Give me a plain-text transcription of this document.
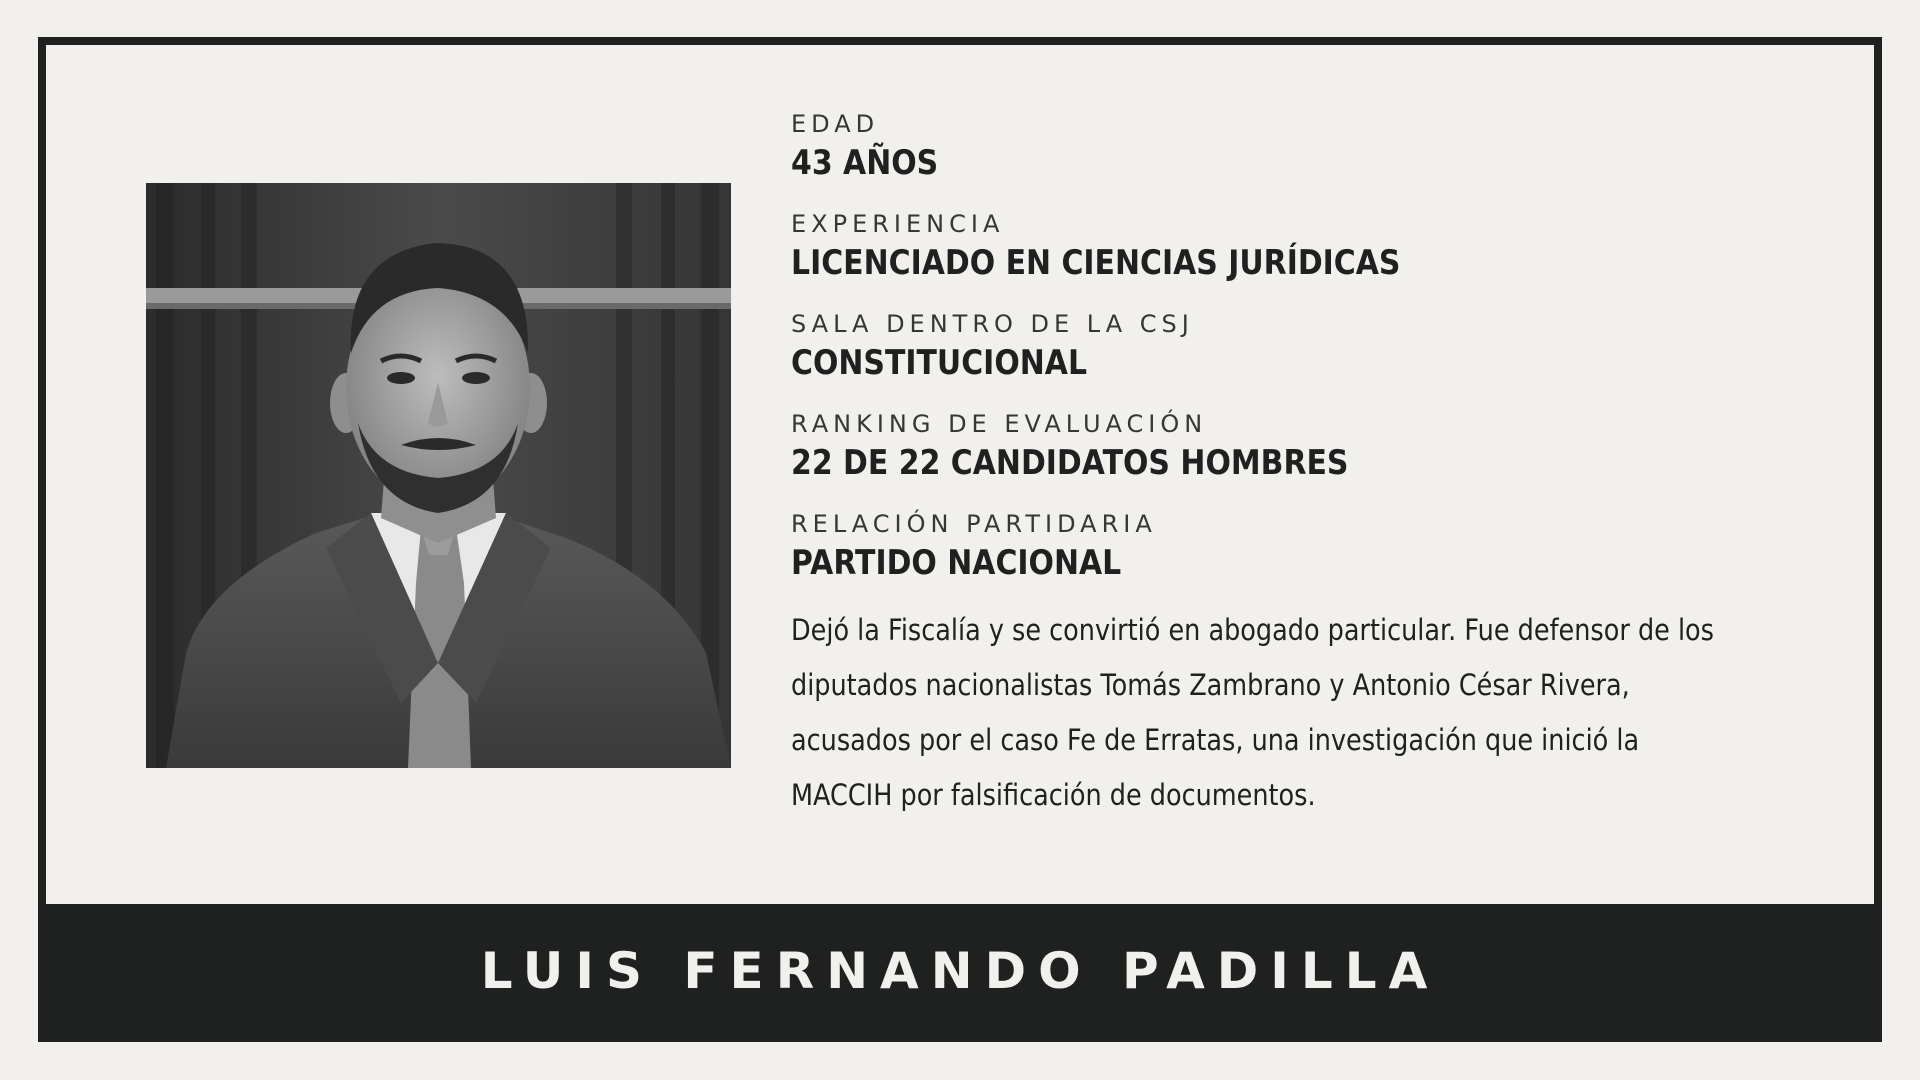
EDAD
43 AÑOS
EXPERIENCIA
LICENCIADO EN CIENCIAS JURÍDICAS
SALA DENTRO DE LA CSJ
CONSTITUCIONAL
RANKING DE EVALUACIÓN
22 DE 22 CANDIDATOS HOMBRES
RELACIÓN PARTIDARIA
PARTIDO NACIONAL

Dejó la Fiscalía y se convirtió en abogado particular. Fue defensor de los diputados nacionalistas Tomás Zambrano y Antonio César Rivera, acusados por el caso Fe de Erratas, una investigación que inició la MACCIH por falsificación de documentos.

LUIS FERNANDO PADILLA
